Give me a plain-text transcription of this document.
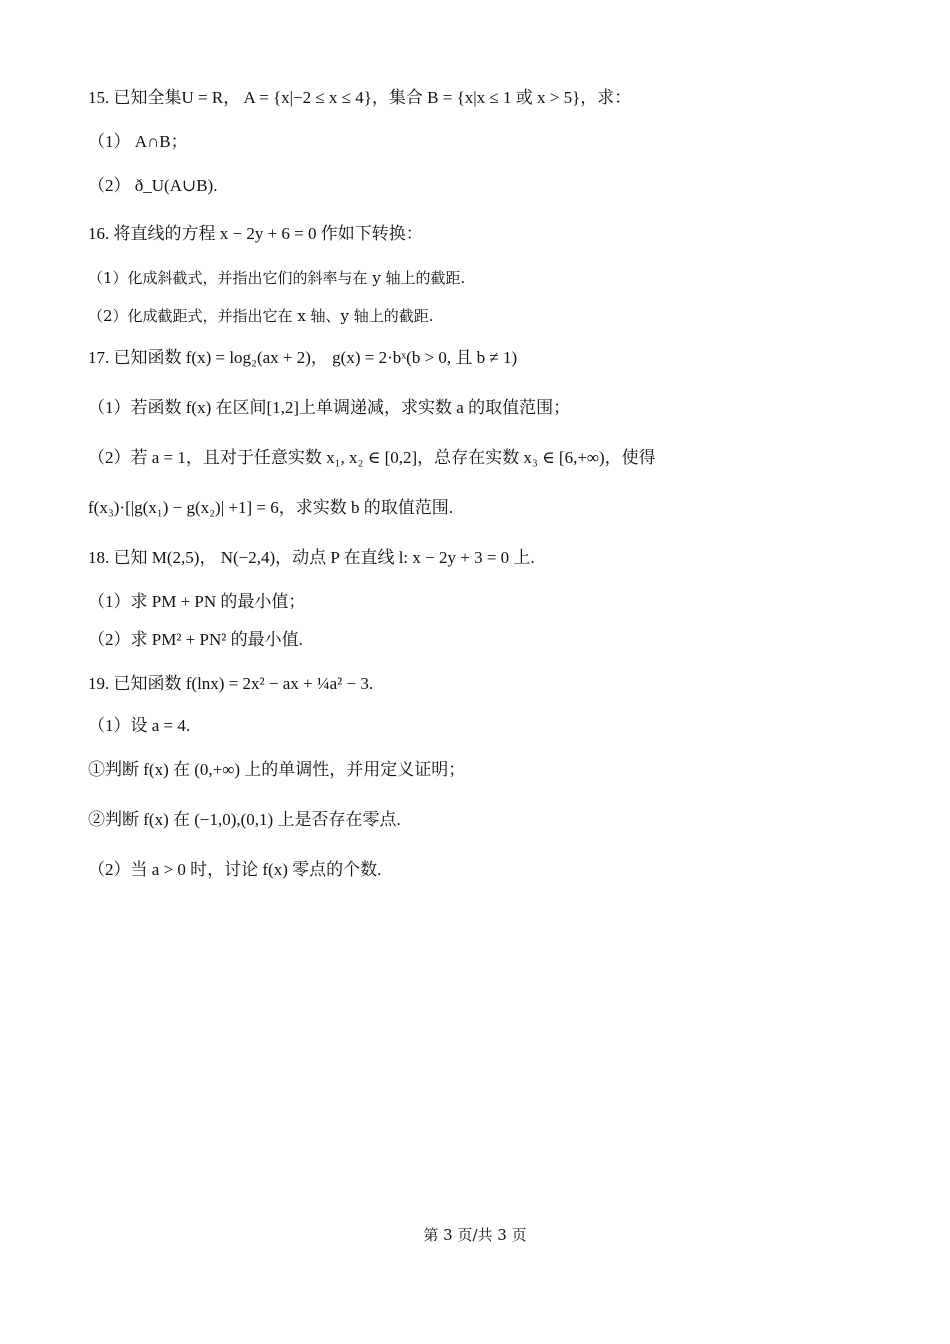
15. 已知全集U = R， A = {x|−2 ≤ x ≤ 4}，集合 B = {x|x ≤ 1 或 x > 5}，求：
（1） A∩B；
（2） ð_U(A∪B).
16. 将直线的方程 x − 2y + 6 = 0 作如下转换：
（1）化成斜截式，并指出它们的斜率与在 y 轴上的截距.
（2）化成截距式，并指出它在 x 轴、y 轴上的截距.
17. 已知函数 f(x) = log₂(ax + 2)， g(x) = 2·bˣ(b > 0, 且 b ≠ 1)
（1）若函数 f(x) 在区间[1,2]上单调递减，求实数 a 的取值范围；
（2）若 a = 1，且对于任意实数 x₁, x₂ ∈ [0,2]，总存在实数 x₃ ∈ [6,+∞)，使得
f(x₃)·[|g(x₁) − g(x₂)| +1] = 6，求实数 b 的取值范围.
18. 已知 M(2,5)， N(−2,4)，动点 P 在直线 l: x − 2y + 3 = 0 上.
（1）求 PM + PN 的最小值；
（2）求 PM² + PN² 的最小值.
19. 已知函数 f(lnx) = 2x² − ax + ¼a² − 3.
（1）设 a = 4.
①判断 f(x) 在 (0,+∞) 上的单调性，并用定义证明；
②判断 f(x) 在 (−1,0),(0,1) 上是否存在零点.
（2）当 a > 0 时，讨论 f(x) 零点的个数.
第 3 页/共 3 页
